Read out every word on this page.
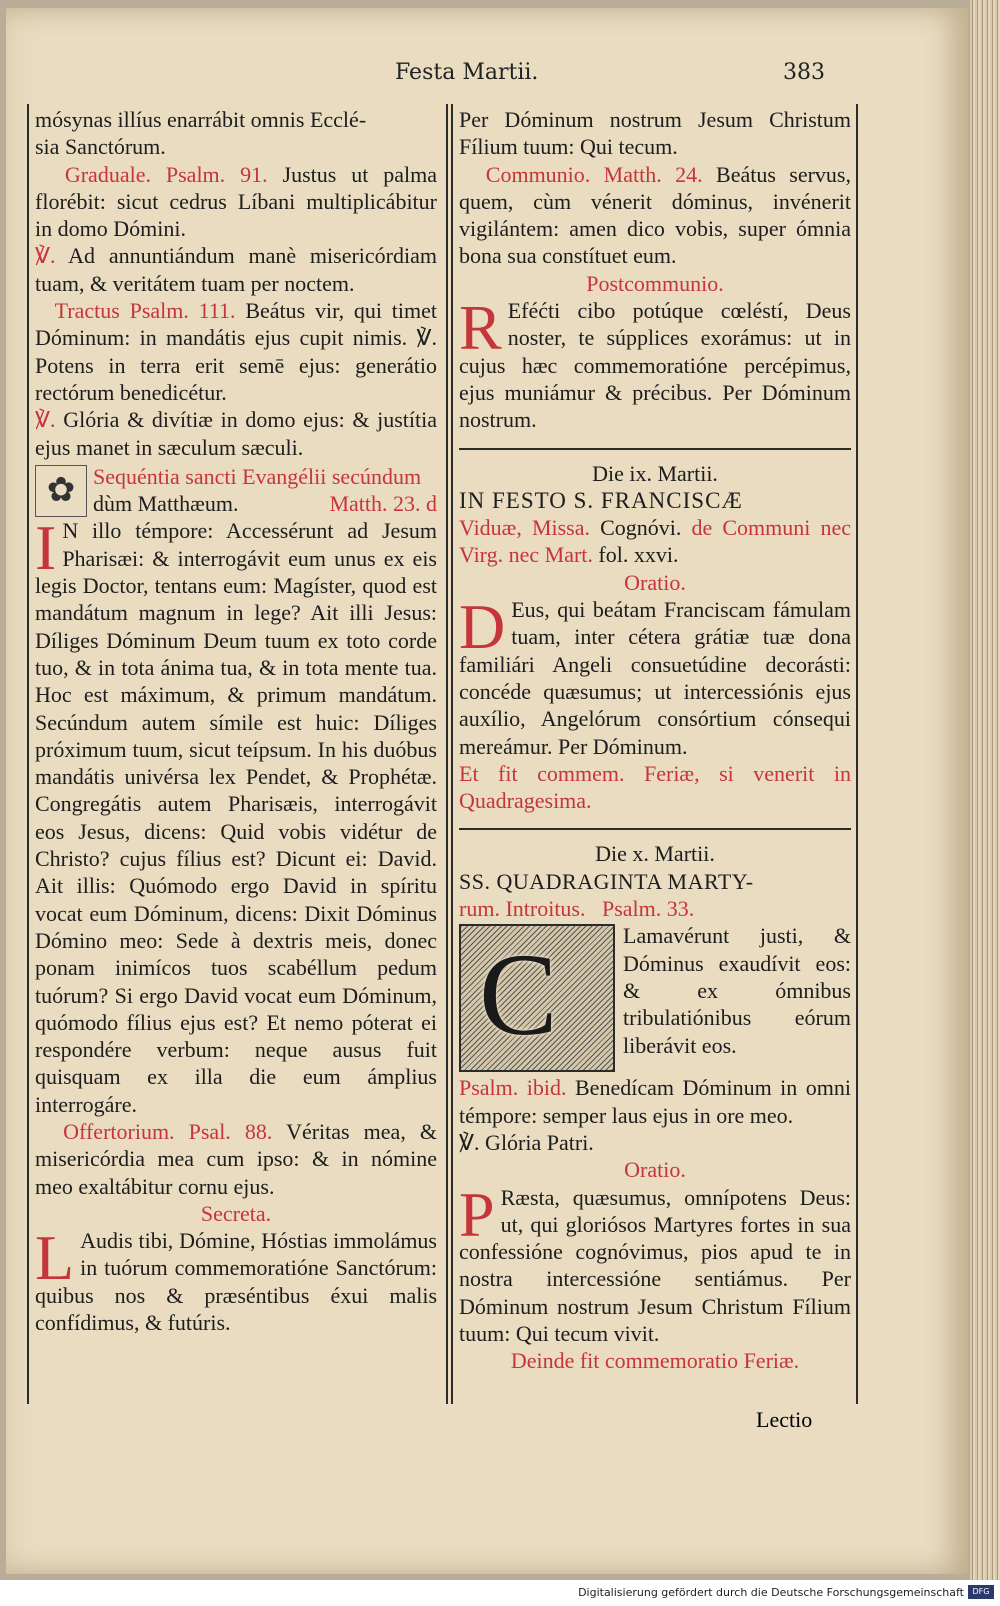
Festa Martii.	383

mósynas illíus enarrábit omnis Ecclé-

sia Sanctórum.

Graduale. Psalm. 91. Justus ut palma florébit: sicut cedrus Líbani multiplicábitur in domo Dómini.

℣. Ad annuntiándum manè misericórdiam tuam, & veritátem tuam per noctem.

Tractus Psalm. 111. Beátus vir, qui timet Dóminum: in mandátis ejus cupit nimis. ℣. Potens in terra erit semē ejus: generátio rectórum benedicétur.

℣. Glória & divítiæ in domo ejus: & justítia ejus manet in sæculum sæculi.

✿ Sequéntia sancti Evangélii secúndum
dùm Matthæum.	Matth. 23. d

I N illo témpore: Accessérunt ad Jesum Pharisæi: & interrogávit eum unus ex eis legis Doctor, tentans eum: Magíster, quod est mandátum magnum in lege? Ait illi Jesus: Díliges Dóminum Deum tuum ex toto corde tuo, & in tota ánima tua, & in tota mente tua. Hoc est máximum, & primum mandátum. Secúndum autem símile est huic: Díliges próximum tuum, sicut teípsum. In his duóbus mandátis univérsa lex Pendet, & Prophétæ. Congregátis autem Pharisæis, interrogávit eos Jesus, dicens: Quid vobis vidétur de Christo? cujus fílius est? Dicunt ei: David. Ait illis: Quómodo ergo David in spíritu vocat eum Dóminum, dicens: Dixit Dóminus Dómino meo: Sede à dextris meis, donec ponam inimícos tuos scabéllum pedum tuórum? Si ergo David vocat eum Dóminum, quómodo fílius ejus est? Et nemo póterat ei respondére verbum: neque ausus fuit quisquam ex illa die eum ámplius interrogáre.

Offertorium. Psal. 88. Véritas mea, & misericórdia mea cum ipso: & in nómine meo exaltábitur cornu ejus.

Secreta.

L Audis tibi, Dómine, Hóstias immolámus in tuórum commemoratióne Sanctórum: quibus nos & præséntibus éxui malis confídimus, & futúris.

Per Dóminum nostrum Jesum Christum Fílium tuum: Qui tecum.

Communio. Matth. 24. Beátus servus, quem, cùm vénerit dóminus, invénerit vigilántem: amen dico vobis, super ómnia bona sua constítuet eum.

Postcommunio.

R Eféćti cibo potúque cœléstí, Deus noster, te súpplices exorámus: ut in cujus hæc commemoratióne percépimus, ejus muniámur & précibus. Per Dóminum nostrum.

Die ix. Martii.

IN FESTO S. FRANCISCÆ

Viduæ, Missa. Cognóvi. de Communi nec Virg. nec Mart. fol. xxvi.

Oratio.

D Eus, qui beátam Franciscam fámulam tuam, inter cétera grátiæ tuæ dona familiári Angeli consuetúdine decorásti: concéde quæsumus; ut intercessiónis ejus auxílio, Angelórum consórtium cónsequi mereámur. Per Dóminum.

Et fit commem. Feriæ, si venerit in Quadragesima.

Die x. Martii.

SS. QUADRAGINTA MARTY-

rum. Introitus.   Psalm. 33.

C	Lamavérunt justi, & Dóminus exaudívit eos: & ex ómnibus tribulatiónibus eórum liberávit eos.

Psalm. ibid. Benedícam Dóminum in omni témpore: semper laus ejus in ore meo.

℣. Glória Patri.

Oratio.

P Ræsta, quæsumus, omnípotens Deus: ut, qui gloriósos Martyres fortes in sua confessióne cognóvimus, pios apud te in nostra intercessióne sentiámus. Per Dóminum nostrum Jesum Christum Fílium tuum: Qui tecum vivit.

Deinde fit commemoratio Feriæ.

Lectio
Digitalisierung gefördert durch die Deutsche Forschungsgemeinschaft	DFG
